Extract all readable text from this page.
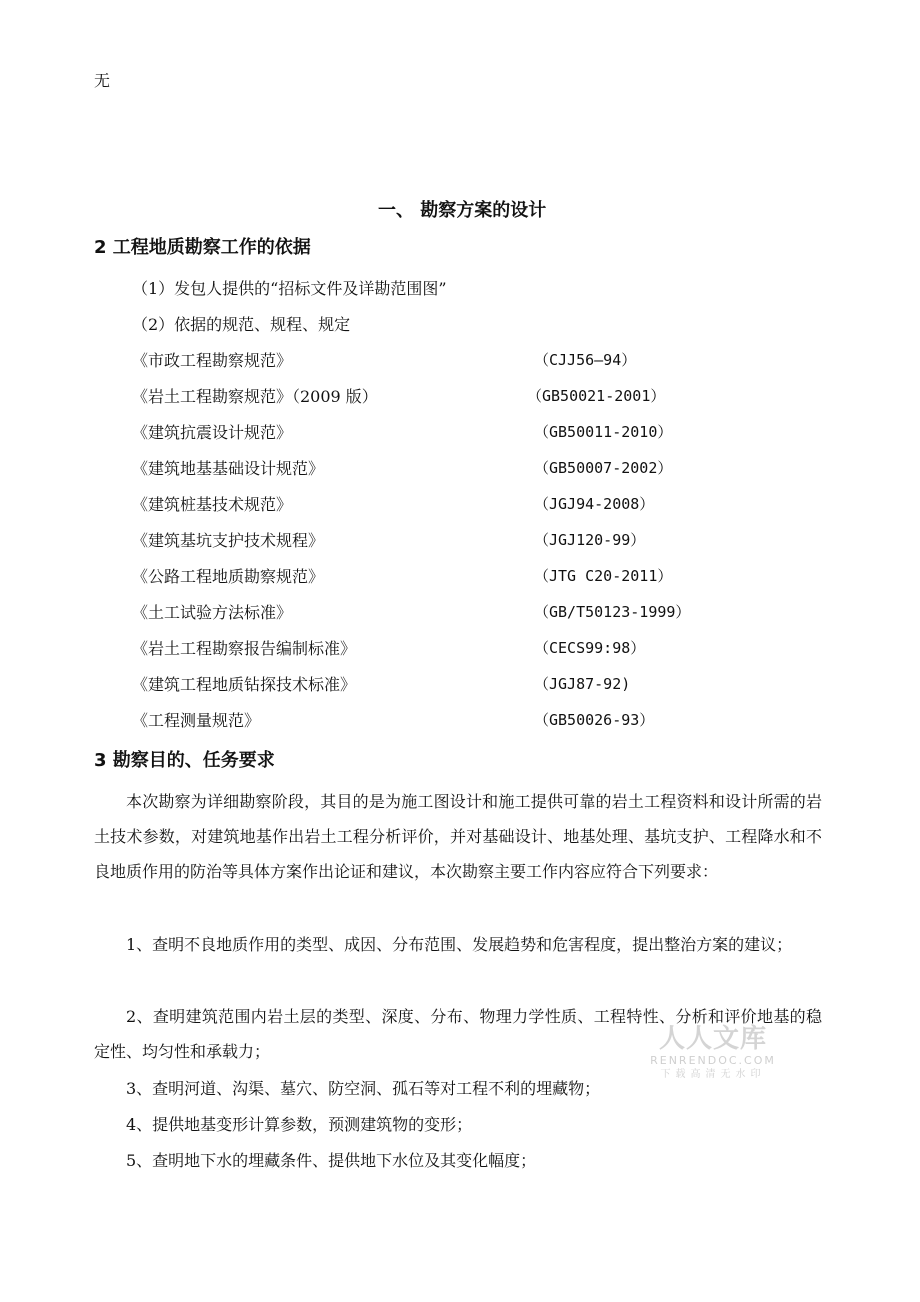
无
一、 勘察方案的设计
2 工程地质勘察工作的依据
（1）发包人提供的“招标文件及详勘范围图”
（2）依据的规范、规程、规定
《市政工程勘察规范》	（CJJ56—94）
《岩土工程勘察规范》（2009 版）	（GB50021-2001）
《建筑抗震设计规范》	（GB50011-2010）
《建筑地基基础设计规范》	（GB50007-2002）
《建筑桩基技术规范》	（JGJ94-2008）
《建筑基坑支护技术规程》	（JGJ120-99）
《公路工程地质勘察规范》	（JTG C20-2011）
《土工试验方法标准》	（GB/T50123-1999）
《岩土工程勘察报告编制标准》	（CECS99:98）
《建筑工程地质钻探技术标准》	（JGJ87-92)
《工程测量规范》	（GB50026-93）
3 勘察目的、任务要求
本次勘察为详细勘察阶段，其目的是为施工图设计和施工提供可靠的岩土工程资料和设计所需的岩土技术参数，对建筑地基作出岩土工程分析评价，并对基础设计、地基处理、基坑支护、工程降水和不良地质作用的防治等具体方案作出论证和建议，本次勘察主要工作内容应符合下列要求：
1、查明不良地质作用的类型、成因、分布范围、发展趋势和危害程度，提出整治方案的建议；
2、查明建筑范围内岩土层的类型、深度、分布、物理力学性质、工程特性、分析和评价地基的稳定性、均匀性和承载力；
3、查明河道、沟渠、墓穴、防空洞、孤石等对工程不利的埋藏物；
4、提供地基变形计算参数，预测建筑物的变形；
5、查明地下水的埋藏条件、提供地下水位及其变化幅度；
人人文库
RENRENDOC.COM
下载高清无水印
